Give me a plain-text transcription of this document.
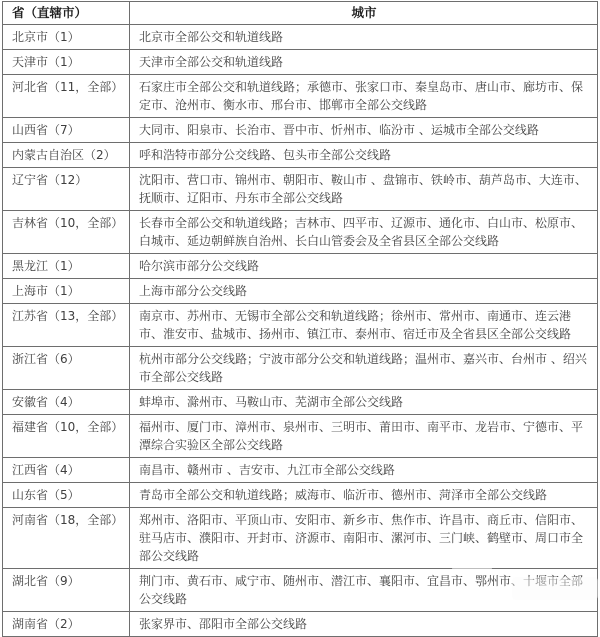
省（直辖市）	城市
北京市（1）	北京市全部公交和轨道线路
天津市（1）	天津市全部公交和轨道线路
河北省（11，全部）	石家庄市全部公交和轨道线路；承德市、张家口市、秦皇岛市、唐山市、廊坊市、保定市、沧州市、衡水市、邢台市、邯郸市全部公交线路
山西省（7）	大同市、阳泉市、长治市、晋中市、忻州市、临汾市 、运城市全部公交线路
内蒙古自治区（2）	呼和浩特市部分公交线路、包头市全部公交线路
辽宁省（12）	沈阳市、营口市、锦州市、朝阳市、鞍山市 、盘锦市、铁岭市、葫芦岛市、大连市、抚顺市、辽阳市、丹东市全部公交线路
吉林省（10，全部）	长春市全部公交和轨道线路；吉林市、四平市、辽源市、通化市、白山市、松原市、白城市、延边朝鲜族自治州、长白山管委会及全省县区全部公交线路
黑龙江（1）	哈尔滨市部分公交线路
上海市（1）	上海市部分公交线路
江苏省（13，全部）	南京市、苏州市、无锡市全部公交和轨道线路；徐州市、常州市、南通市、连云港市、淮安市、盐城市、扬州市、镇江市、泰州市、宿迁市及全省县区全部公交线路
浙江省（6）	杭州市部分公交线路；宁波市部分公交和轨道线路；温州市、嘉兴市、台州市 、绍兴市全部公交线路
安徽省（4）	蚌埠市、滁州市、马鞍山市、芜湖市全部公交线路
福建省（10，全部）	福州市、厦门市、漳州市、泉州市、三明市、莆田市、南平市、龙岩市、宁德市、平潭综合实验区全部公交线路
江西省（4）	南昌市、赣州市 、吉安市、九江市全部公交线路
山东省（5）	青岛市全部公交和轨道线路；威海市、临沂市、德州市、菏泽市全部公交线路
河南省（18，全部）	郑州市、洛阳市、平顶山市、安阳市、新乡市、焦作市、许昌市、商丘市、信阳市、驻马店市、濮阳市、开封市、济源市、南阳市、漯河市、三门峡、鹤壁市、周口市全部公交线路
湖北省（9）	荆门市、黄石市、咸宁市、随州市、潜江市、襄阳市、宜昌市、鄂州市、十堰市全部公交线路
湖南省（2）	张家界市、邵阳市全部公交线路
